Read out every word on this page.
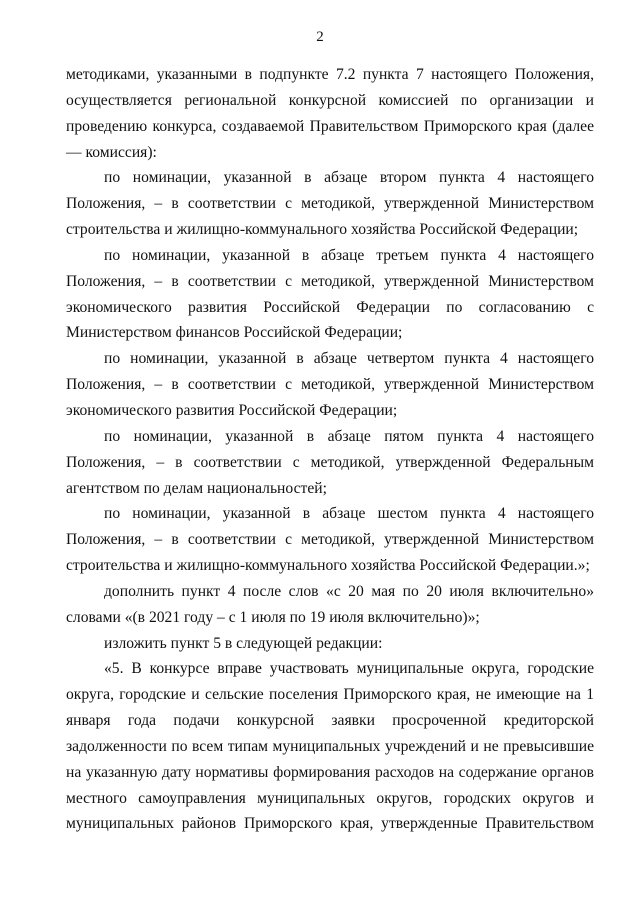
2

методиками, указанными в подпункте 7.2 пункта 7 настоящего Положения, осуществляется региональной конкурсной комиссией по организации и проведению конкурса, создаваемой Правительством Приморского края (далее — комиссия):

по номинации, указанной в абзаце втором пункта 4 настоящего Положения, – в соответствии с методикой, утвержденной Министерством строительства и жилищно-коммунального хозяйства Российской Федерации;

по номинации, указанной в абзаце третьем пункта 4 настоящего Положения, – в соответствии с методикой, утвержденной Министерством экономического развития Российской Федерации по согласованию с Министерством финансов Российской Федерации;

по номинации, указанной в абзаце четвертом пункта 4 настоящего Положения, – в соответствии с методикой, утвержденной Министерством экономического развития Российской Федерации;

по номинации, указанной в абзаце пятом пункта 4 настоящего Положения, – в соответствии с методикой, утвержденной Федеральным агентством по делам национальностей;

по номинации, указанной в абзаце шестом пункта 4 настоящего Положения, – в соответствии с методикой, утвержденной Министерством строительства и жилищно-коммунального хозяйства Российской Федерации.»;

дополнить пункт 4 после слов «с 20 мая по 20 июля включительно» словами «(в 2021 году – с 1 июля по 19 июля включительно)»;

изложить пункт 5 в следующей редакции:

«5. В конкурсе вправе участвовать муниципальные округа, городские округа, городские и сельские поселения Приморского края, не имеющие на 1 января года подачи конкурсной заявки просроченной кредиторской задолженности по всем типам муниципальных учреждений и не превысившие на указанную дату нормативы формирования расходов на содержание органов местного самоуправления муниципальных округов, городских округов и муниципальных районов Приморского края, утвержденные Правительством
